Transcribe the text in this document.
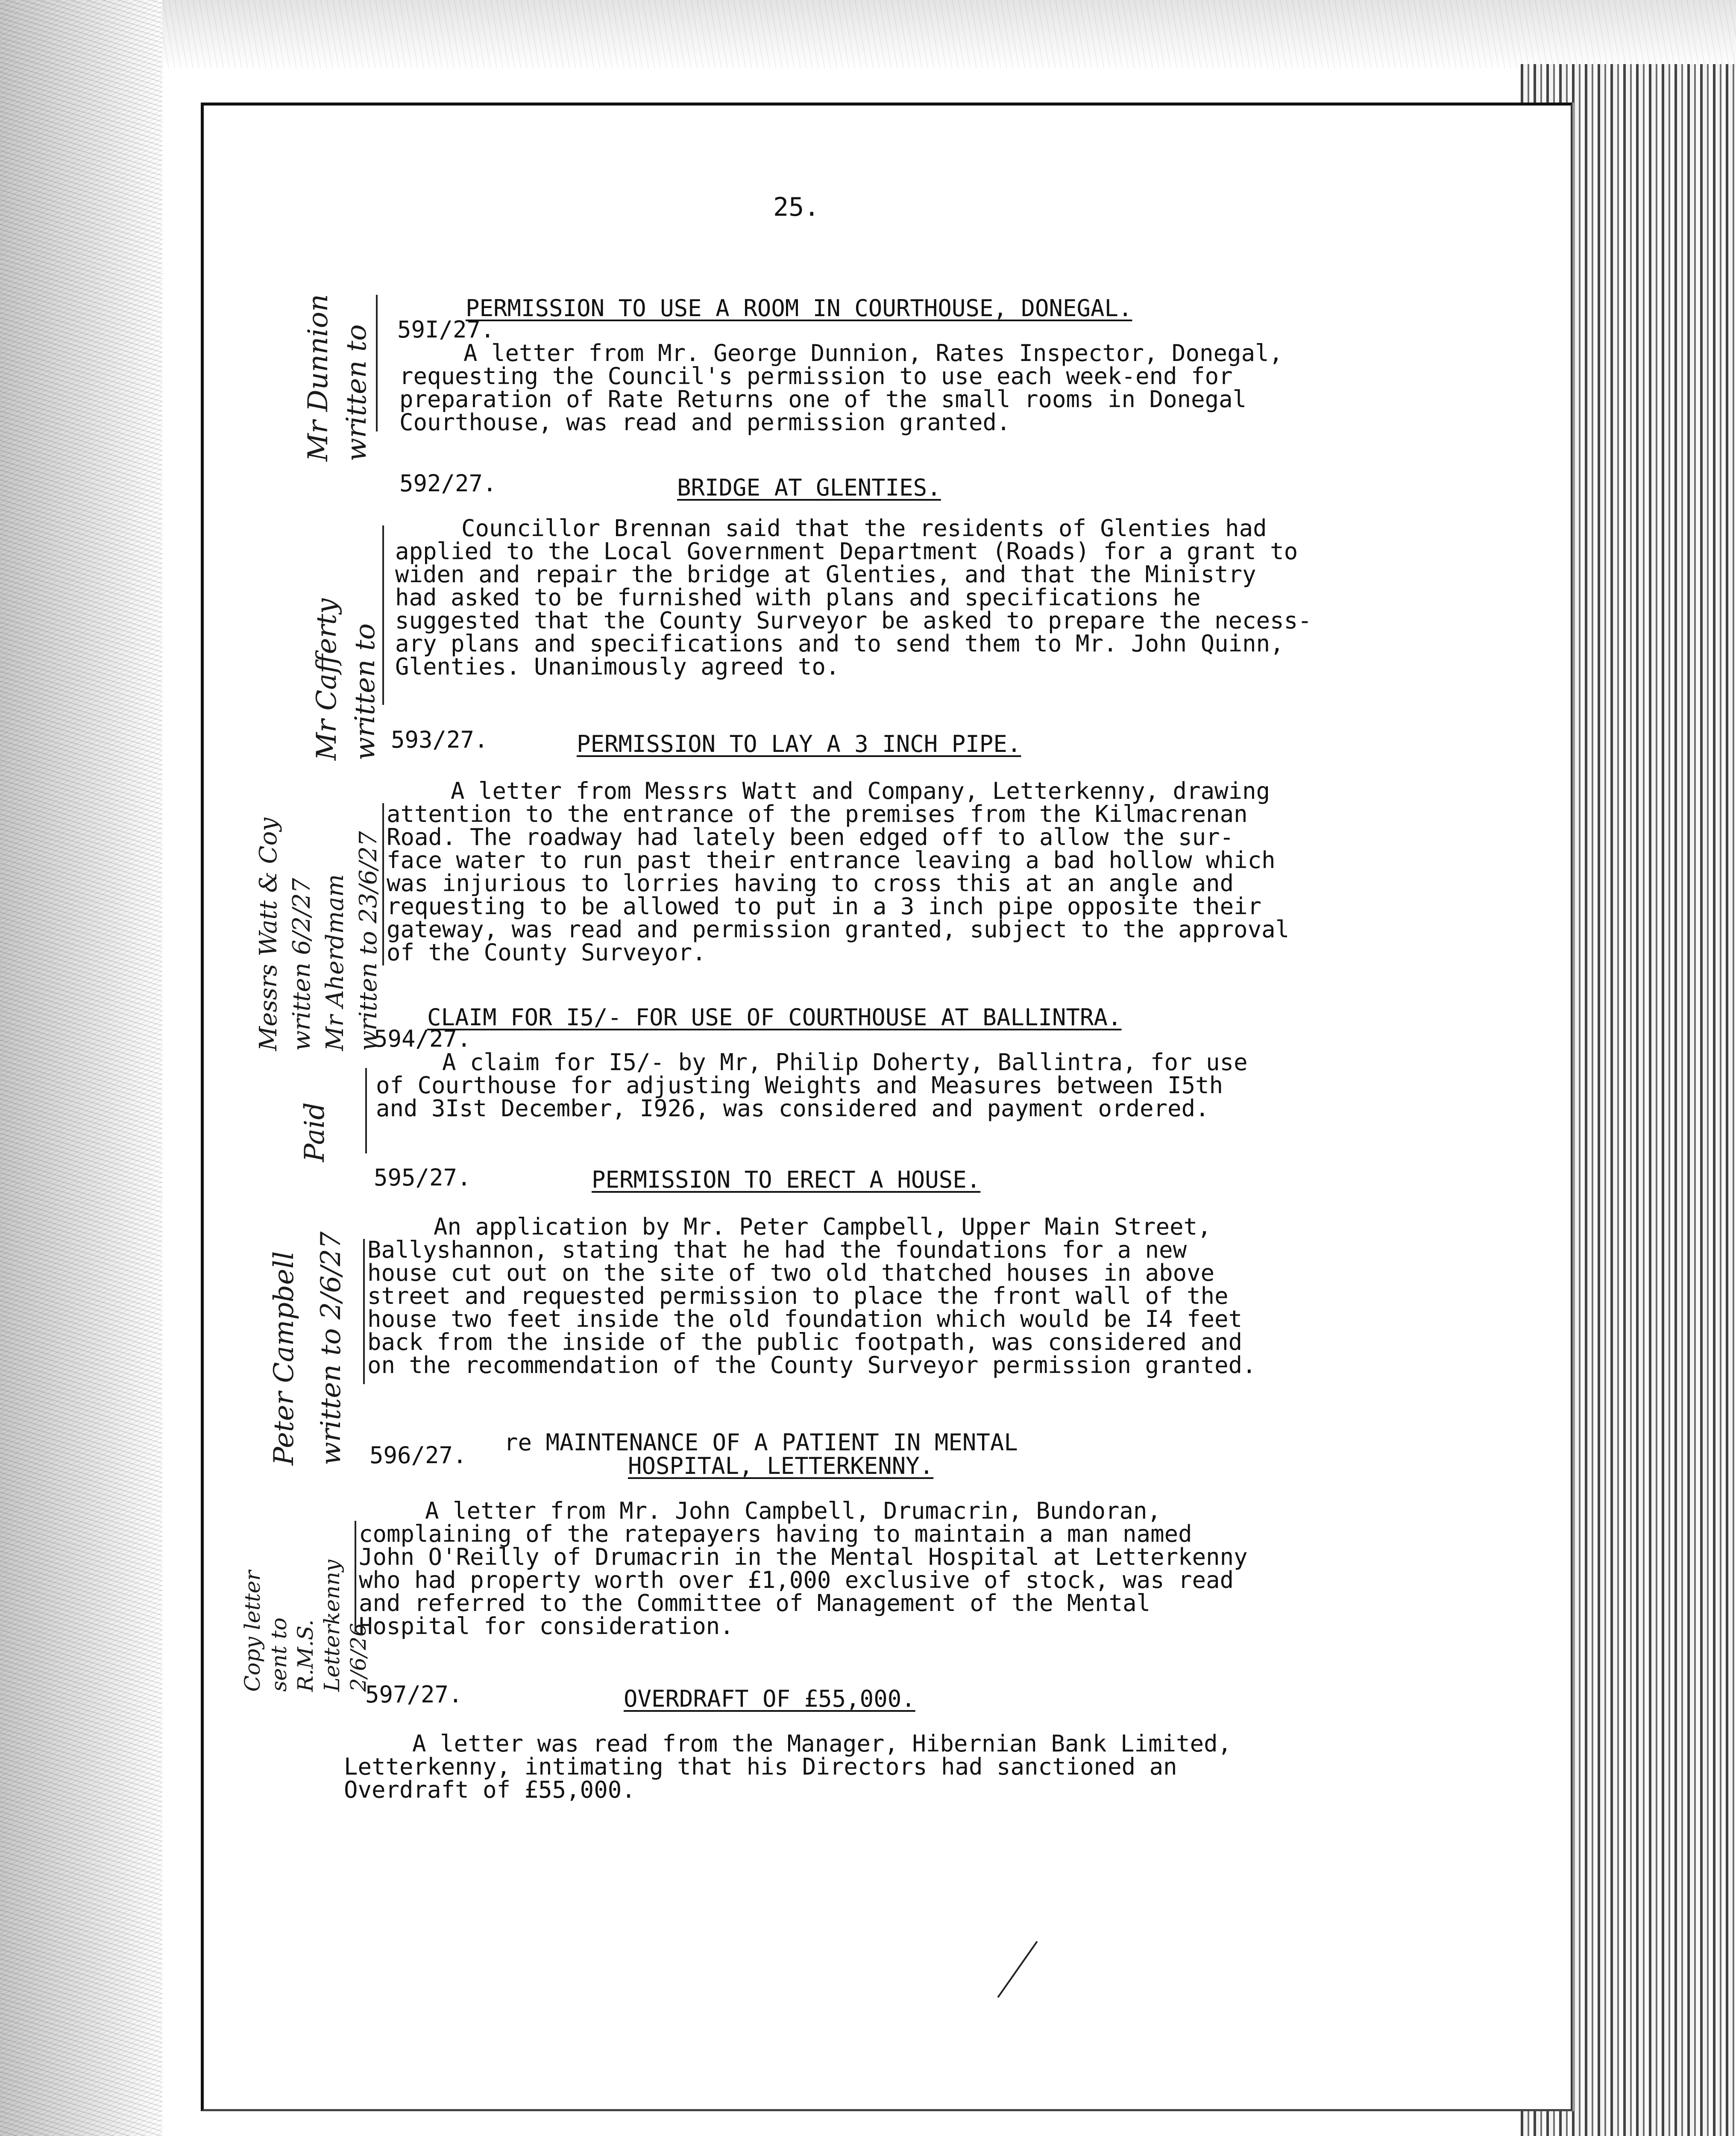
25.
PERMISSION TO USE A ROOM IN COURTHOUSE, DONEGAL.
59I/27.
A letter from Mr. George Dunnion, Rates Inspector, Donegal,
requesting the Council's permission to use each week-end for
preparation of Rate Returns one of the small rooms in Donegal
Courthouse, was read and permission granted.
Mr Dunnion written to
592/27.	BRIDGE AT GLENTIES.
Councillor Brennan said that the residents of Glenties had
applied to the Local Government Department (Roads) for a grant to
widen and repair the bridge at Glenties, and that the Ministry
had asked to be furnished with plans and specifications he
suggested that the County Surveyor be asked to prepare the necess-
ary plans and specifications and to send them to Mr. John Quinn,
Glenties. Unanimously agreed to.
Mr Cafferty written to 593/27.	PERMISSION TO LAY A 3 INCH PIPE.
A letter from Messrs Watt and Company, Letterkenny, drawing
attention to the entrance of the premises from the Kilmacrenan
Road. The roadway had lately been edged off to allow the sur-
face water to run past their entrance leaving a bad hollow which
was injurious to lorries having to cross this at an angle and
requesting to be allowed to put in a 3 inch pipe opposite their
gateway, was read and permission granted, subject to the approval
of the County Surveyor.
Messrs Watt & Coy written 6/2/27 Mr Aherdmam written to 23/6/27 CLAIM FOR I5/- FOR USE OF COURTHOUSE AT BALLINTRA.
594/27.
A claim for I5/- by Mr, Philip Doherty, Ballintra, for use
of Courthouse for adjusting Weights and Measures between I5th
and 3Ist December, I926, was considered and payment ordered.
Paid
595/27.	PERMISSION TO ERECT A HOUSE.
An application by Mr. Peter Campbell, Upper Main Street,
Ballyshannon, stating that he had the foundations for a new
house cut out on the site of two old thatched houses in above
street and requested permission to place the front wall of the
house two feet inside the old foundation which would be I4 feet
back from the inside of the public footpath, was considered and
on the recommendation of the County Surveyor permission granted.
Peter Campbell written to 2/6/27 596/27. re MAINTENANCE OF A PATIENT IN MENTAL
HOSPITAL, LETTERKENNY.
A letter from Mr. John Campbell, Drumacrin, Bundoran,
complaining of the ratepayers having to maintain a man named
John O'Reilly of Drumacrin in the Mental Hospital at Letterkenny
who had property worth over £1,000 exclusive of stock, was read
and referred to the Committee of Management of the Mental
Hospital for consideration.
Copy letter sent to R.M.S. Letterkenny 2/6/26
597/27.	OVERDRAFT OF £55,000.
A letter was read from the Manager, Hibernian Bank Limited,
Letterkenny, intimating that his Directors had sanctioned an
Overdraft of £55,000.
